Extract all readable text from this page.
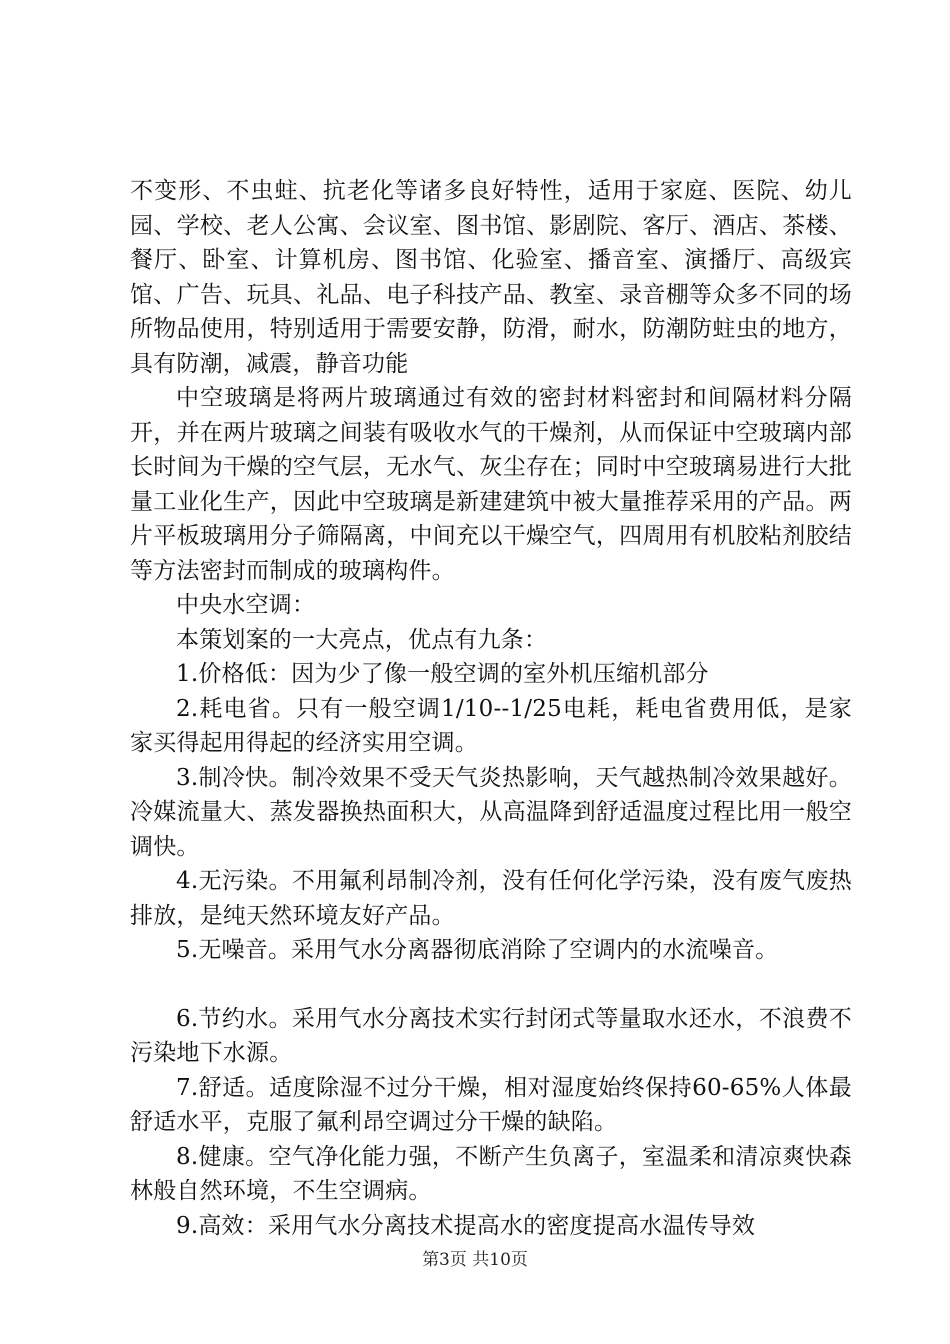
不变形、不虫蛀、抗老化等诸多良好特性，适用于家庭、医院、幼儿园、学校、老人公寓、会议室、图书馆、影剧院、客厅、酒店、茶楼、餐厅、卧室、计算机房、图书馆、化验室、播音室、演播厅、高级宾馆、广告、玩具、礼品、电子科技产品、教室、录音棚等众多不同的场所物品使用，特别适用于需要安静，防滑，耐水，防潮防蛀虫的地方，具有防潮，减震，静音功能

中空玻璃是将两片玻璃通过有效的密封材料密封和间隔材料分隔开，并在两片玻璃之间装有吸收水气的干燥剂，从而保证中空玻璃内部长时间为干燥的空气层，无水气、灰尘存在；同时中空玻璃易进行大批量工业化生产，因此中空玻璃是新建建筑中被大量推荐采用的产品。两片平板玻璃用分子筛隔离，中间充以干燥空气，四周用有机胶粘剂胶结等方法密封而制成的玻璃构件。

中央水空调：

本策划案的一大亮点，优点有九条：

1.价格低：因为少了像一般空调的室外机压缩机部分

2.耗电省。只有一般空调1/10--1/25电耗，耗电省费用低，是家家买得起用得起的经济实用空调。

3.制冷快。制冷效果不受天气炎热影响，天气越热制冷效果越好。冷媒流量大、蒸发器换热面积大，从高温降到舒适温度过程比用一般空调快。

4.无污染。不用氟利昂制冷剂，没有任何化学污染，没有废气废热排放，是纯天然环境友好产品。

5.无噪音。采用气水分离器彻底消除了空调内的水流噪音。

6.节约水。采用气水分离技术实行封闭式等量取水还水，不浪费不污染地下水源。

7.舒适。适度除湿不过分干燥，相对湿度始终保持60-65%人体最舒适水平，克服了氟利昂空调过分干燥的缺陷。

8.健康。空气净化能力强，不断产生负离子，室温柔和清凉爽快森林般自然环境，不生空调病。

9.高效：采用气水分离技术提高水的密度提高水温传导效

第3页 共10页
